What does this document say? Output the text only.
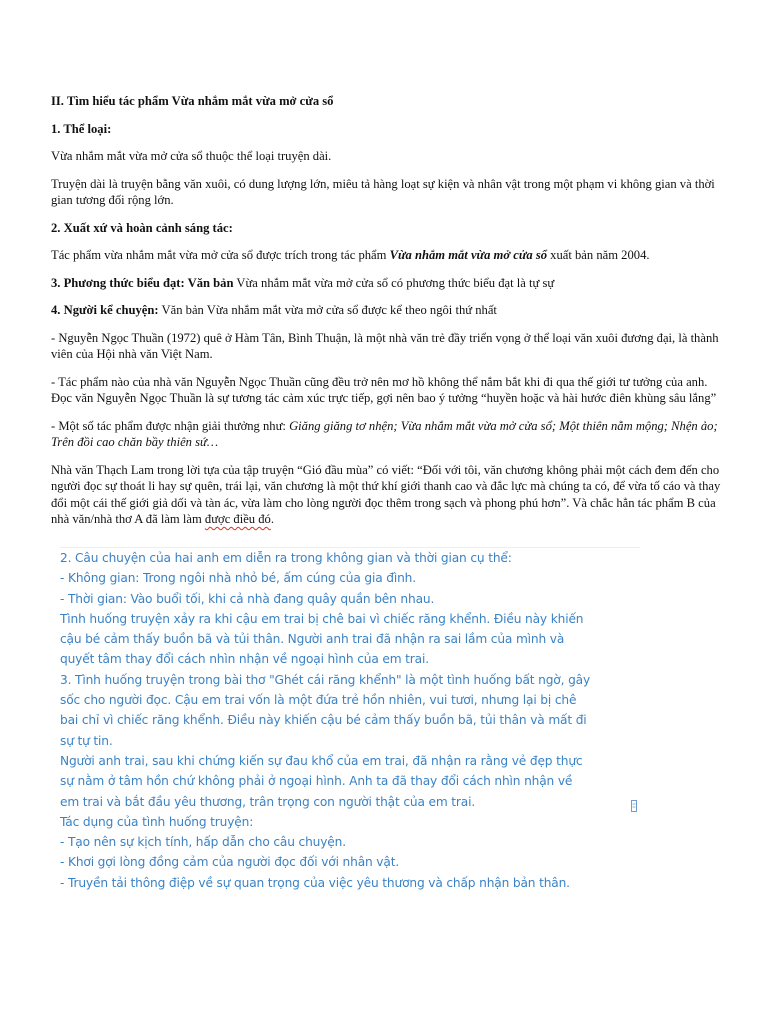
II. Tìm hiểu tác phẩm Vừa nhắm mắt vừa mở cửa sổ

1. Thể loại:

Vừa nhắm mắt vừa mở cửa sổ thuộc thể loại truyện dài.

Truyện dài là truyện bằng văn xuôi, có dung lượng lớn, miêu tả hàng loạt sự kiện và nhân vật trong một phạm vi không gian và thời gian tương đối rộng lớn.

2. Xuất xứ và hoàn cảnh sáng tác:

Tác phẩm vừa nhắm mắt vừa mở cửa sổ được trích trong tác phẩm Vừa nhắm mắt vừa mở cửa sổ xuất bản năm 2004.

3. Phương thức biểu đạt: Văn bản Vừa nhắm mắt vừa mở cửa sổ có phương thức biểu đạt là tự sự

4. Người kể chuyện: Văn bản Vừa nhắm mắt vừa mở cửa sổ được kể theo ngôi thứ nhất

- Nguyễn Ngọc Thuần (1972) quê ở Hàm Tân, Bình Thuận, là một nhà văn trẻ đầy triển vọng ở thể loại văn xuôi đương đại, là thành viên của Hội nhà văn Việt Nam.

- Tác phẩm nào của nhà văn Nguyễn Ngọc Thuần cũng đều trở nên mơ hồ không thể nắm bắt khi đi qua thế giới tư tưởng của anh. Đọc văn Nguyễn Ngọc Thuần là sự tương tác cảm xúc trực tiếp, gợi nên bao ý tưởng “huyền hoặc và hài hước điên khùng sâu lắng”

- Một số tác phẩm được nhận giải thưởng như: Giăng giăng tơ nhện; Vừa nhắm mắt vừa mở cửa sổ; Một thiên nằm mộng; Nhện ảo; Trên đồi cao chăn bầy thiên sứ…

Nhà văn Thạch Lam trong lời tựa của tập truyện “Gió đầu mùa” có viết: “Đối với tôi, văn chương không phải một cách đem đến cho người đọc sự thoát li hay sự quên, trái lại, văn chương là một thứ khí giới thanh cao và đắc lực mà chúng ta có, để vừa tố cáo và thay đổi một cái thế giới giả dối và tàn ác, vừa làm cho lòng người đọc thêm trong sạch và phong phú hơn”. Và chắc hẳn tác phẩm B của nhà văn/nhà thơ A đã làm làm được điều đó.

2. Câu chuyện của hai anh em diễn ra trong không gian và thời gian cụ thể:
- Không gian: Trong ngôi nhà nhỏ bé, ấm cúng của gia đình.
- Thời gian: Vào buổi tối, khi cả nhà đang quây quần bên nhau.
Tình huống truyện xảy ra khi cậu em trai bị chê bai vì chiếc răng khểnh. Điều này khiến
cậu bé cảm thấy buồn bã và tủi thân. Người anh trai đã nhận ra sai lầm của mình và
quyết tâm thay đổi cách nhìn nhận về ngoại hình của em trai.
3. Tình huống truyện trong bài thơ "Ghét cái răng khểnh" là một tình huống bất ngờ, gây
sốc cho người đọc. Cậu em trai vốn là một đứa trẻ hồn nhiên, vui tươi, nhưng lại bị chê
bai chỉ vì chiếc răng khểnh. Điều này khiến cậu bé cảm thấy buồn bã, tủi thân và mất đi
sự tự tin.
Người anh trai, sau khi chứng kiến sự đau khổ của em trai, đã nhận ra rằng vẻ đẹp thực
sự nằm ở tâm hồn chứ không phải ở ngoại hình. Anh ta đã thay đổi cách nhìn nhận về
em trai và bắt đầu yêu thương, trân trọng con người thật của em trai.
Tác dụng của tình huống truyện:
- Tạo nên sự kịch tính, hấp dẫn cho câu chuyện.
- Khơi gợi lòng đồng cảm của người đọc đối với nhân vật.
- Truyền tải thông điệp về sự quan trọng của việc yêu thương và chấp nhận bản thân.
